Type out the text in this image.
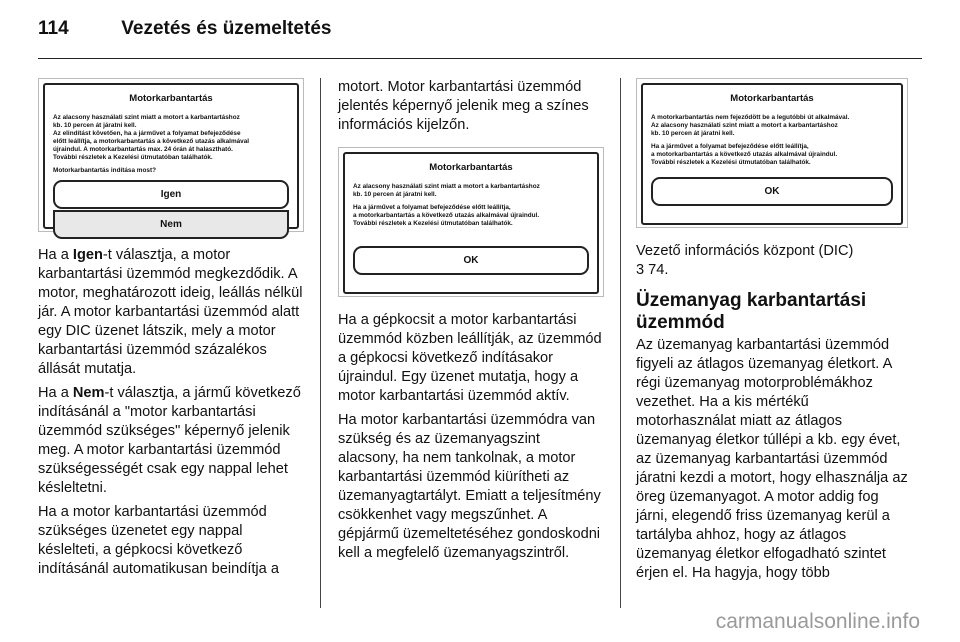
114	Vezetés és üzemeltetés
Motorkarbantartás
Az alacsony használati szint miatt a motort a karbantartáshoz
kb. 10 percen át járatni kell.
Az elindítást követően, ha a járművet a folyamat befejeződése
előtt leállítja, a motorkarbantartás a következő utazás alkalmával
újraindul. A motorkarbantartás max. 24 órán át halasztható.
További részletek a Kezelési útmutatóban találhatók.
Motorkarbantartás indítása most?
Igen
Nem

Ha a Igen-t választja, a motor karbantartási üzemmód megkezdődik. A motor, meghatározott ideig, leállás nélkül jár. A motor karbantartási üzemmód alatt egy DIC üzenet látszik, mely a motor karbantartási üzemmód százalékos állását mutatja.

Ha a Nem-t választja, a jármű következő indításánál a "motor karbantartási üzemmód szükséges" képernyő jelenik meg. A motor karbantartási üzemmód szükségességét csak egy nappal lehet késleltetni.

Ha a motor karbantartási üzemmód szükséges üzenetet egy nappal késlelteti, a gépkocsi következő indításánál automatikusan beindítja a

motort. Motor karbantartási üzemmód jelentés képernyő jelenik meg a színes információs kijelzőn.

Motorkarbantartás
Az alacsony használati szint miatt a motort a karbantartáshoz
kb. 10 percen át járatni kell.
Ha a járművet a folyamat befejeződése előtt leállítja,
a motorkarbantartás a következő utazás alkalmával újraindul.
További részletek a Kezelési útmutatóban találhatók.
OK

Ha a gépkocsit a motor karbantartási üzemmód közben leállítják, az üzemmód a gépkocsi következő indításakor újraindul. Egy üzenet mutatja, hogy a motor karbantartási üzemmód aktív.

Ha motor karbantartási üzemmódra van szükség és az üzemanyagszint alacsony, ha nem tankolnak, a motor karbantartási üzemmód kiürítheti az üzemanyagtartályt. Emiatt a teljesítmény csökkenhet vagy megszűnhet. A gépjármű üzemeltetéséhez gondoskodni kell a megfelelő üzemanyagszintről.

Motorkarbantartás
A motorkarbantartás nem fejeződött be a legutóbbi út alkalmával.
Az alacsony használati szint miatt a motort a karbantartáshoz
kb. 10 percen át járatni kell.
Ha a járművet a folyamat befejeződése előtt leállítja,
a motorkarbantartás a következő utazás alkalmával újraindul.
További részletek a Kezelési útmutatóban találhatók.
OK

Vezető információs központ (DIC)

3 74.

Üzemanyag karbantartási üzemmód

Az üzemanyag karbantartási üzemmód figyeli az átlagos üzemanyag életkort. A régi üzemanyag motorproblémákhoz vezethet. Ha a kis mértékű motorhasználat miatt az átlagos üzemanyag életkor túllépi a kb. egy évet, az üzemanyag karbantartási üzemmód járatni kezdi a motort, hogy elhasználja az öreg üzemanyagot. A motor addig fog járni, elegendő friss üzemanyag kerül a tartályba ahhoz, hogy az átlagos üzemanyag életkor elfogadható szintet érjen el. Ha hagyja, hogy több

carmanualsonline.info
